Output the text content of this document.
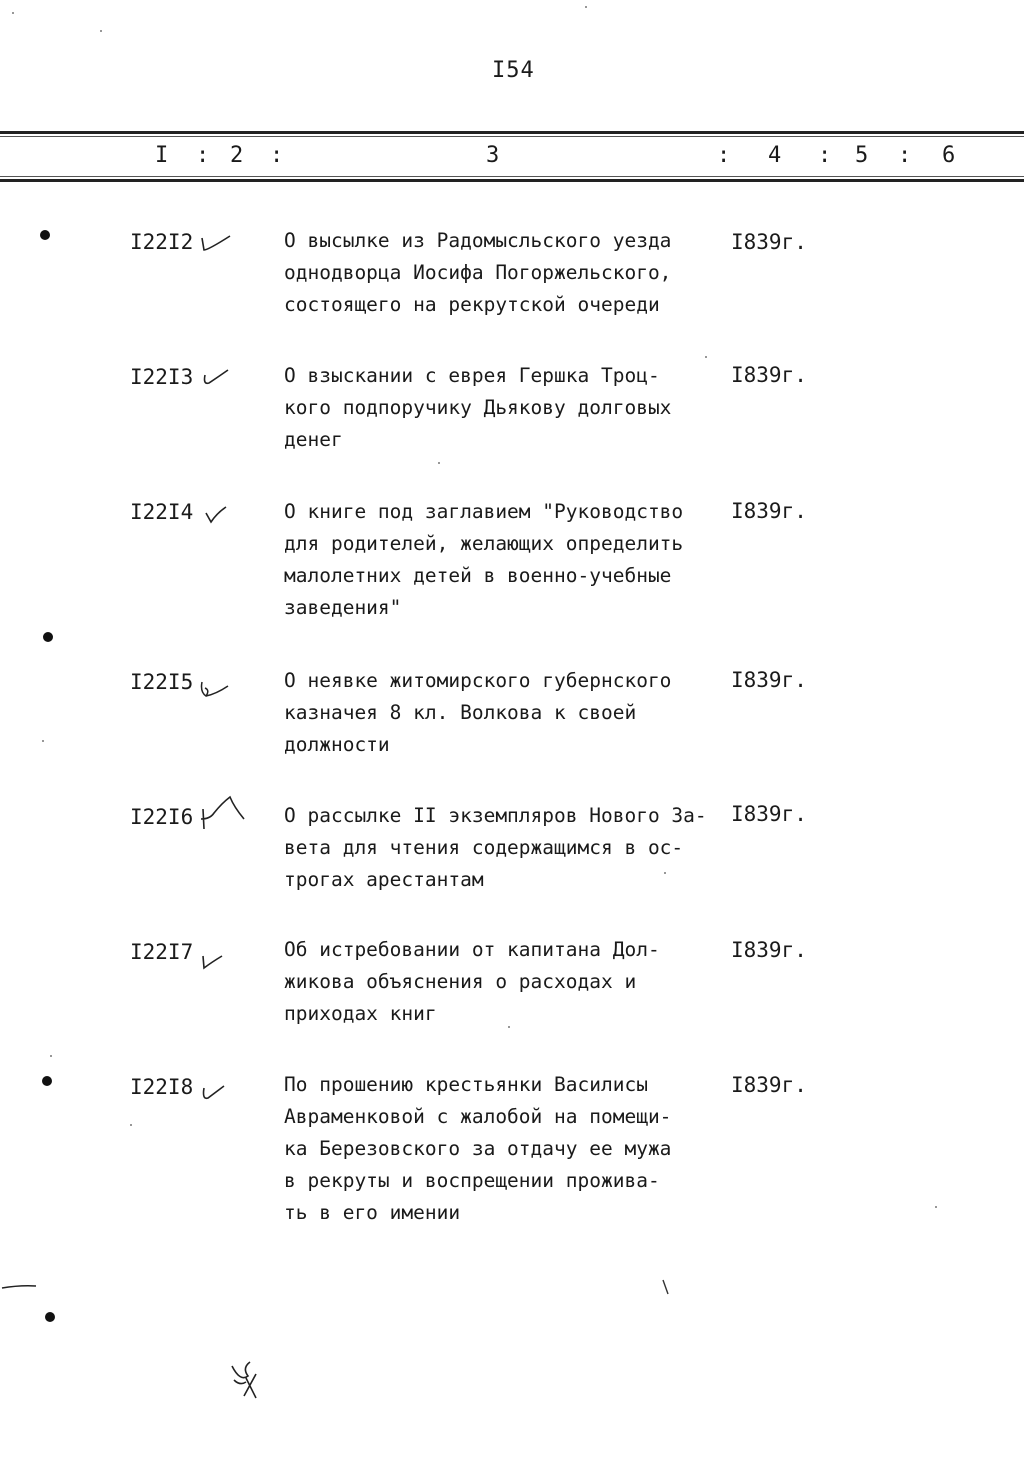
I54
I : 2 :	3	: 4 : 5 : 6
I22I2	О высылке из Радомысльского уезда
однодворца Иосифа Погоржельского,
состоящего на рекрутской очереди
I839г.
I22I3	О взыскании с еврея Гершка Троц-
кого подпоручику Дьякову долговых
денег
I839г.
I22I4	О книге под заглавием "Руководство
для родителей, желающих определить
малолетних детей в военно-учебные
заведения"
I839г.
I22I5	О неявке житомирского губернского
казначея 8 кл. Волкова к своей
должности
I839г.
I22I6	О рассылке II экземпляров Нового За-
вета для чтения содержащимся в ос-
трогах арестантам
I839г.
I22I7	Об истребовании от капитана Дол-
жикова объяснения о расходах и
приходах книг
I839г.
I22I8	По прошению крестьянки Василисы
Авраменковой с жалобой на помещи-
ка Березовского за отдачу ее мужа
в рекруты и воспрещении прожива-
ть в его имении
I839г.
